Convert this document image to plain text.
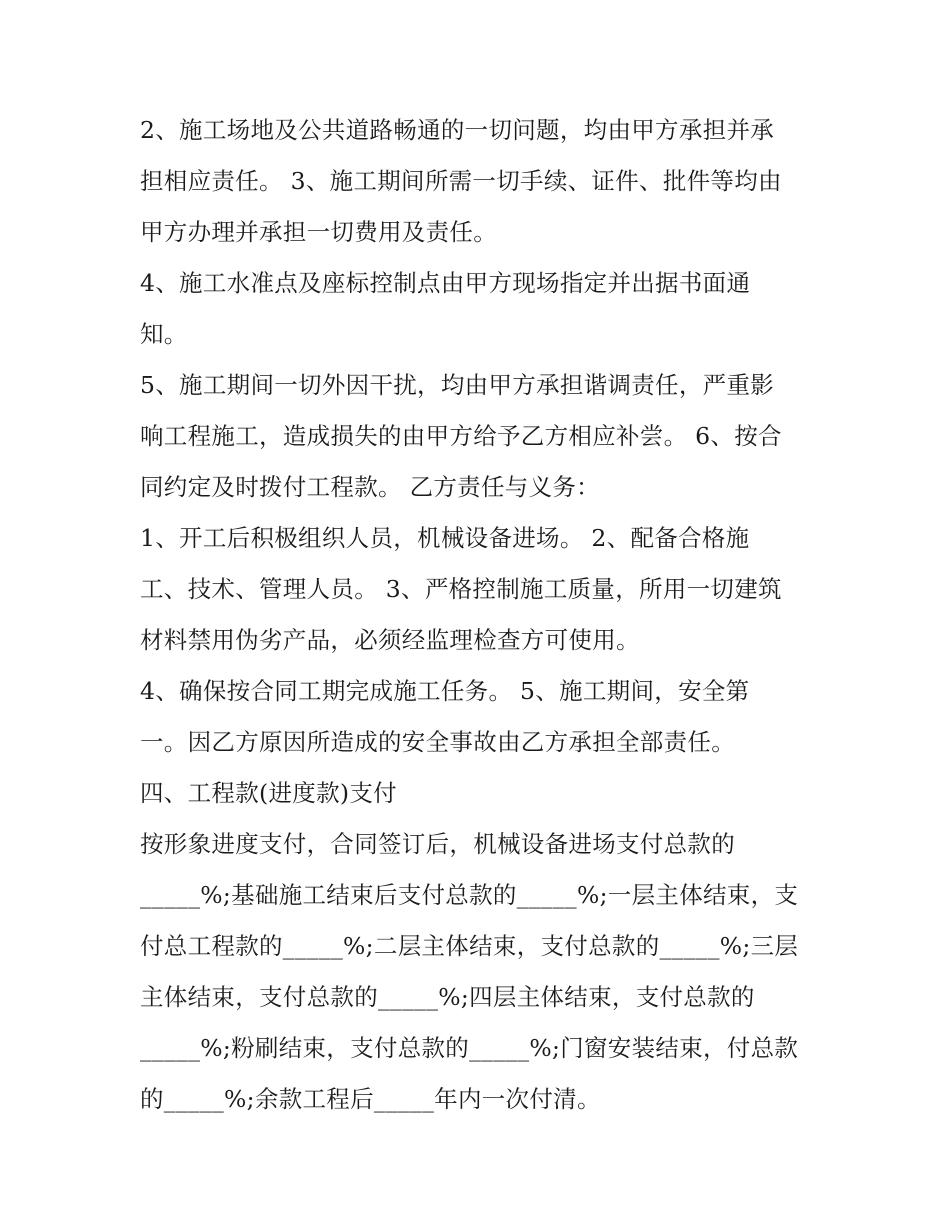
2、施工场地及公共道路畅通的一切问题，均由甲方承担并承
担相应责任。 3、施工期间所需一切手续、证件、批件等均由
甲方办理并承担一切费用及责任。
4、施工水准点及座标控制点由甲方现场指定并出据书面通
知。
5、施工期间一切外因干扰，均由甲方承担谐调责任，严重影
响工程施工，造成损失的由甲方给予乙方相应补尝。 6、按合
同约定及时拨付工程款。 乙方责任与义务：
1、开工后积极组织人员，机械设备进场。 2、配备合格施
工、技术、管理人员。 3、严格控制施工质量，所用一切建筑
材料禁用伪劣产品，必须经监理检查方可使用。
4、确保按合同工期完成施工任务。 5、施工期间，安全第
一。因乙方原因所造成的安全事故由乙方承担全部责任。
四、工程款(进度款)支付
按形象进度支付，合同签订后，机械设备进场支付总款的
_____%;基础施工结束后支付总款的_____%;一层主体结束，支
付总工程款的_____%;二层主体结束，支付总款的_____%;三层
主体结束，支付总款的_____%;四层主体结束，支付总款的
_____%;粉刷结束，支付总款的_____%;门窗安装结束，付总款
的_____%;余款工程后_____年内一次付清。
